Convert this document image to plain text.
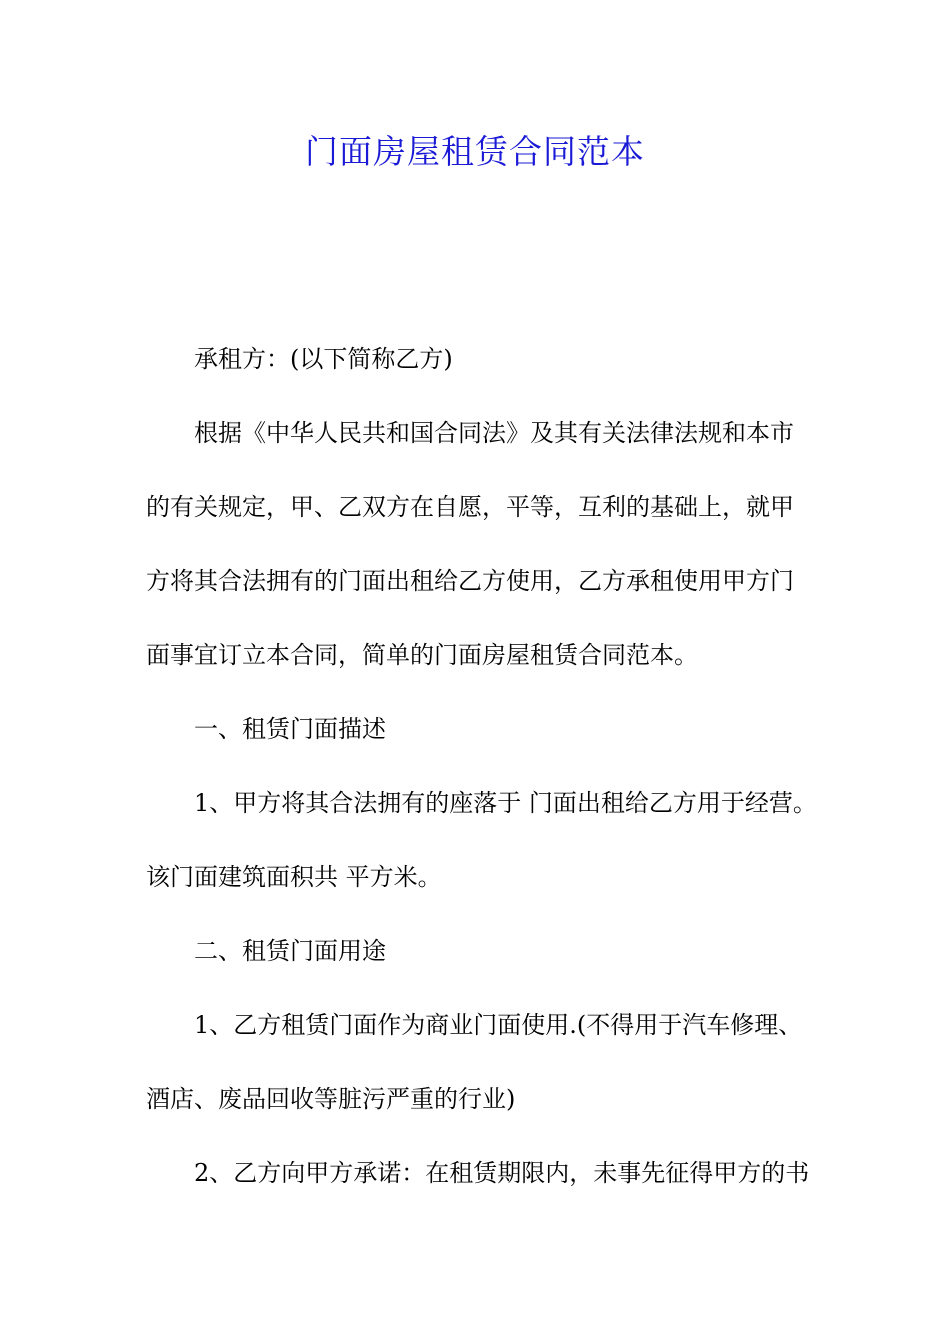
门面房屋租赁合同范本

承租方：(以下简称乙方)

根据《中华人民共和国合同法》及其有关法律法规和本市

的有关规定，甲、乙双方在自愿，平等，互利的基础上，就甲

方将其合法拥有的门面出租给乙方使用，乙方承租使用甲方门

面事宜订立本合同，简单的门面房屋租赁合同范本。

一、租赁门面描述

1、甲方将其合法拥有的座落于 门面出租给乙方用于经营。

该门面建筑面积共 平方米。

二、租赁门面用途

1、乙方租赁门面作为商业门面使用.(不得用于汽车修理、

酒店、废品回收等脏污严重的行业)

2、乙方向甲方承诺：在租赁期限内，未事先征得甲方的书
